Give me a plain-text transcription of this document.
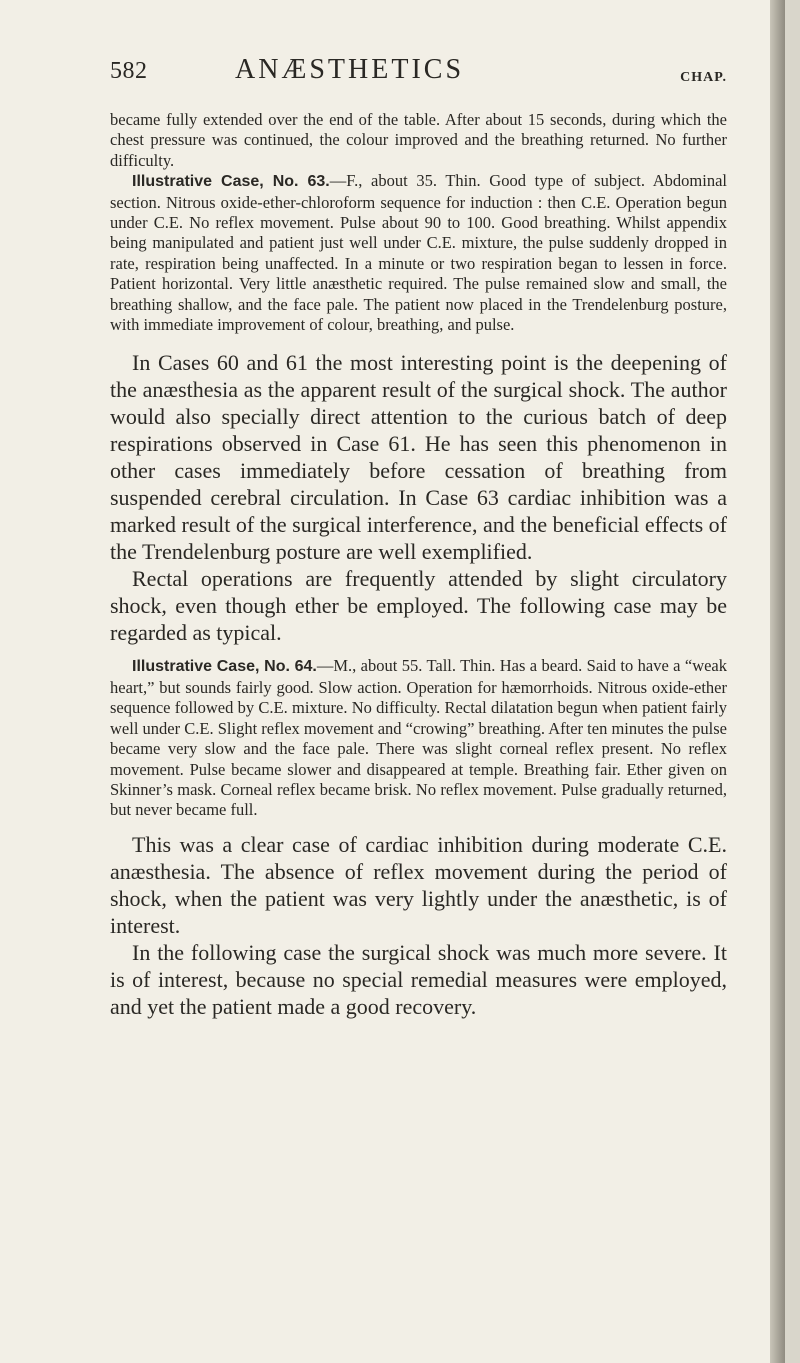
582	ANÆSTHETICS	CHAP.

became fully extended over the end of the table. After about 15 seconds, during which the chest pressure was continued, the colour improved and the breathing returned. No further difficulty.

Illustrative Case, No. 63.—F., about 35. Thin. Good type of subject. Abdominal section. Nitrous oxide-ether-chloroform sequence for induction : then C.E. Operation begun under C.E. No reflex movement. Pulse about 90 to 100. Good breathing. Whilst appendix being manipulated and patient just well under C.E. mixture, the pulse suddenly dropped in rate, respiration being unaffected. In a minute or two respiration began to lessen in force. Patient horizontal. Very little anæsthetic required. The pulse remained slow and small, the breathing shallow, and the face pale. The patient now placed in the Trendelenburg posture, with immediate improvement of colour, breathing, and pulse.

In Cases 60 and 61 the most interesting point is the deepening of the anæsthesia as the apparent result of the surgical shock. The author would also specially direct attention to the curious batch of deep respirations observed in Case 61. He has seen this phenomenon in other cases immediately before cessation of breathing from suspended cerebral circulation. In Case 63 cardiac inhibition was a marked result of the surgical interference, and the beneficial effects of the Trendelenburg posture are well exemplified.

Rectal operations are frequently attended by slight circulatory shock, even though ether be employed. The following case may be regarded as typical.

Illustrative Case, No. 64.—M., about 55. Tall. Thin. Has a beard. Said to have a “weak heart,” but sounds fairly good. Slow action. Operation for hæmorrhoids. Nitrous oxide-ether sequence followed by C.E. mixture. No difficulty. Rectal dilatation begun when patient fairly well under C.E. Slight reflex movement and “crowing” breathing. After ten minutes the pulse became very slow and the face pale. There was slight corneal reflex present. No reflex movement. Pulse became slower and disappeared at temple. Breathing fair. Ether given on Skinner’s mask. Corneal reflex became brisk. No reflex movement. Pulse gradually returned, but never became full.

This was a clear case of cardiac inhibition during moderate C.E. anæsthesia. The absence of reflex movement during the period of shock, when the patient was very lightly under the anæsthetic, is of interest.

In the following case the surgical shock was much more severe. It is of interest, because no special remedial measures were employed, and yet the patient made a good recovery.
